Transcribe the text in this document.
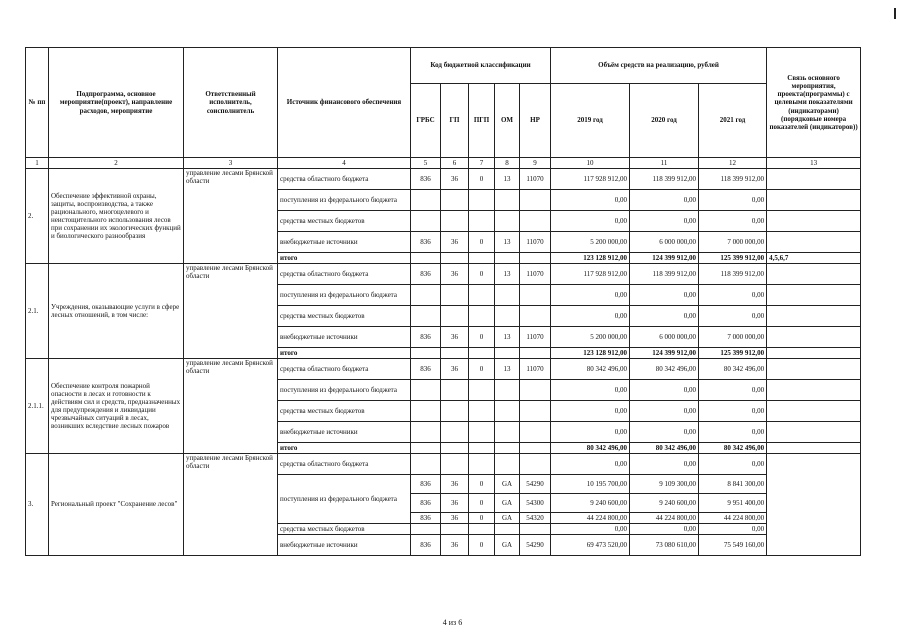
№ пп	Подпрограмма, основное мероприятие(проект), направление расходов, мероприятие	Ответственный исполнитель, соисполнитель	Источник финансового обеспечения	Код бюджетной классификации					Объём средств на реализацию, рублей			Связь основного мероприятия, проекта(программы) с целевыми показателями (индикаторами) (порядковые номера показателей (индикаторов))
				ГРБС	ГП	ПГП	ОМ	НР	2019 год	2020 год	2021 год	
1	2	3	4	5	6	7	8	9	10	11	12	13
2.	Обеспечение эффективной охраны, защиты, воспроизводства, а также рационального, многоцелевого и неистощительного использования лесов при сохранении их экологических функций и биологического разнообразия	управление лесами Брянской области	средства областного бюджета	836	36	0	13	11070	117 928 912,00	118 399 912,00	118 399 912,00	
			поступления из федерального бюджета						0,00	0,00	0,00	
			средства местных бюджетов						0,00	0,00	0,00	
			внебюджетные источники	836	36	0	13	11070	5 200 000,00	6 000 000,00	7 000 000,00	
			итого						123 128 912,00	124 399 912,00	125 399 912,00	4,5,6,7
2.1.	Учреждения, оказывающие услуги в сфере лесных отношений, в том числе:	управление лесами Брянской области	средства областного бюджета	836	36	0	13	11070	117 928 912,00	118 399 912,00	118 399 912,00	
			поступления из федерального бюджета						0,00	0,00	0,00	
			средства местных бюджетов						0,00	0,00	0,00	
			внебюджетные источники	836	36	0	13	11070	5 200 000,00	6 000 000,00	7 000 000,00	
			итого						123 128 912,00	124 399 912,00	125 399 912,00	
2.1.1.	Обеспечение контроля пожарной опасности в лесах и готовности к действиям сил и средств, предназначенных для предупреждения и ликвидации чрезвычайных ситуаций в лесах, возникших вследствие лесных пожаров	управление лесами Брянской области	средства областного бюджета	836	36	0	13	11070	80 342 496,00	80 342 496,00	80 342 496,00	
			поступления из федерального бюджета						0,00	0,00	0,00	
			средства местных бюджетов						0,00	0,00	0,00	
			внебюджетные источники						0,00	0,00	0,00	
			итого						80 342 496,00	80 342 496,00	80 342 496,00	
3.	Региональный проект "Сохранение лесов"	управление лесами Брянской области	средства областного бюджета						0,00	0,00	0,00	
			поступления из федерального бюджета	836	36	0	GA	54290	10 195 700,00	9 109 300,00	8 841 300,00	
				836	36	0	GA	54300	9 240 600,00	9 240 600,00	9 951 400,00	
				836	36	0	GA	54320	44 224 800,00	44 224 800,00	44 224 800,00	
			средства местных бюджетов						0,00	0,00	0,00	
			внебюджетные источники	836	36	0	GA	54290	69 473 520,00	73 080 610,00	75 549 160,00	
4 из 6
